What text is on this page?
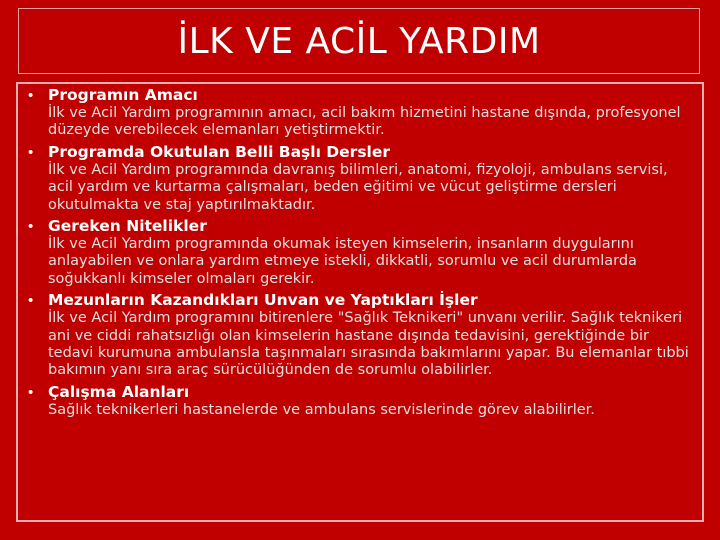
İLK VE ACİL YARDIM
• Programın Amacı
İlk ve Acil Yardım programının amacı, acil bakım hizmetini hastane dışında, profesyonel düzeyde verebilecek elemanları yetiştirmektir.
• Programda Okutulan Belli Başlı Dersler
İlk ve Acil Yardım programında davranış bilimleri, anatomi, fizyoloji, ambulans servisi, acil yardım ve kurtarma çalışmaları, beden eğitimi ve vücut geliştirme dersleri okutulmakta ve staj yaptırılmaktadır.
• Gereken Nitelikler
İlk ve Acil Yardım programında okumak isteyen kimselerin, insanların duygularını anlayabilen ve onlara yardım etmeye istekli, dikkatli, sorumlu ve acil durumlarda soğukkanlı kimseler olmaları gerekir.
• Mezunların Kazandıkları Unvan ve Yaptıkları İşler
İlk ve Acil Yardım programını bitirenlere "Sağlık Teknikeri" unvanı verilir. Sağlık teknikeri ani ve ciddi rahatsızlığı olan kimselerin hastane dışında tedavisini, gerektiğinde bir tedavi kurumuna ambulansla taşınmaları sırasında bakımlarını yapar. Bu elemanlar tıbbi bakımın yanı sıra araç sürücülüğünden de sorumlu olabilirler.
• Çalışma Alanları
Sağlık teknikerleri hastanelerde ve ambulans servislerinde görev alabilirler.
